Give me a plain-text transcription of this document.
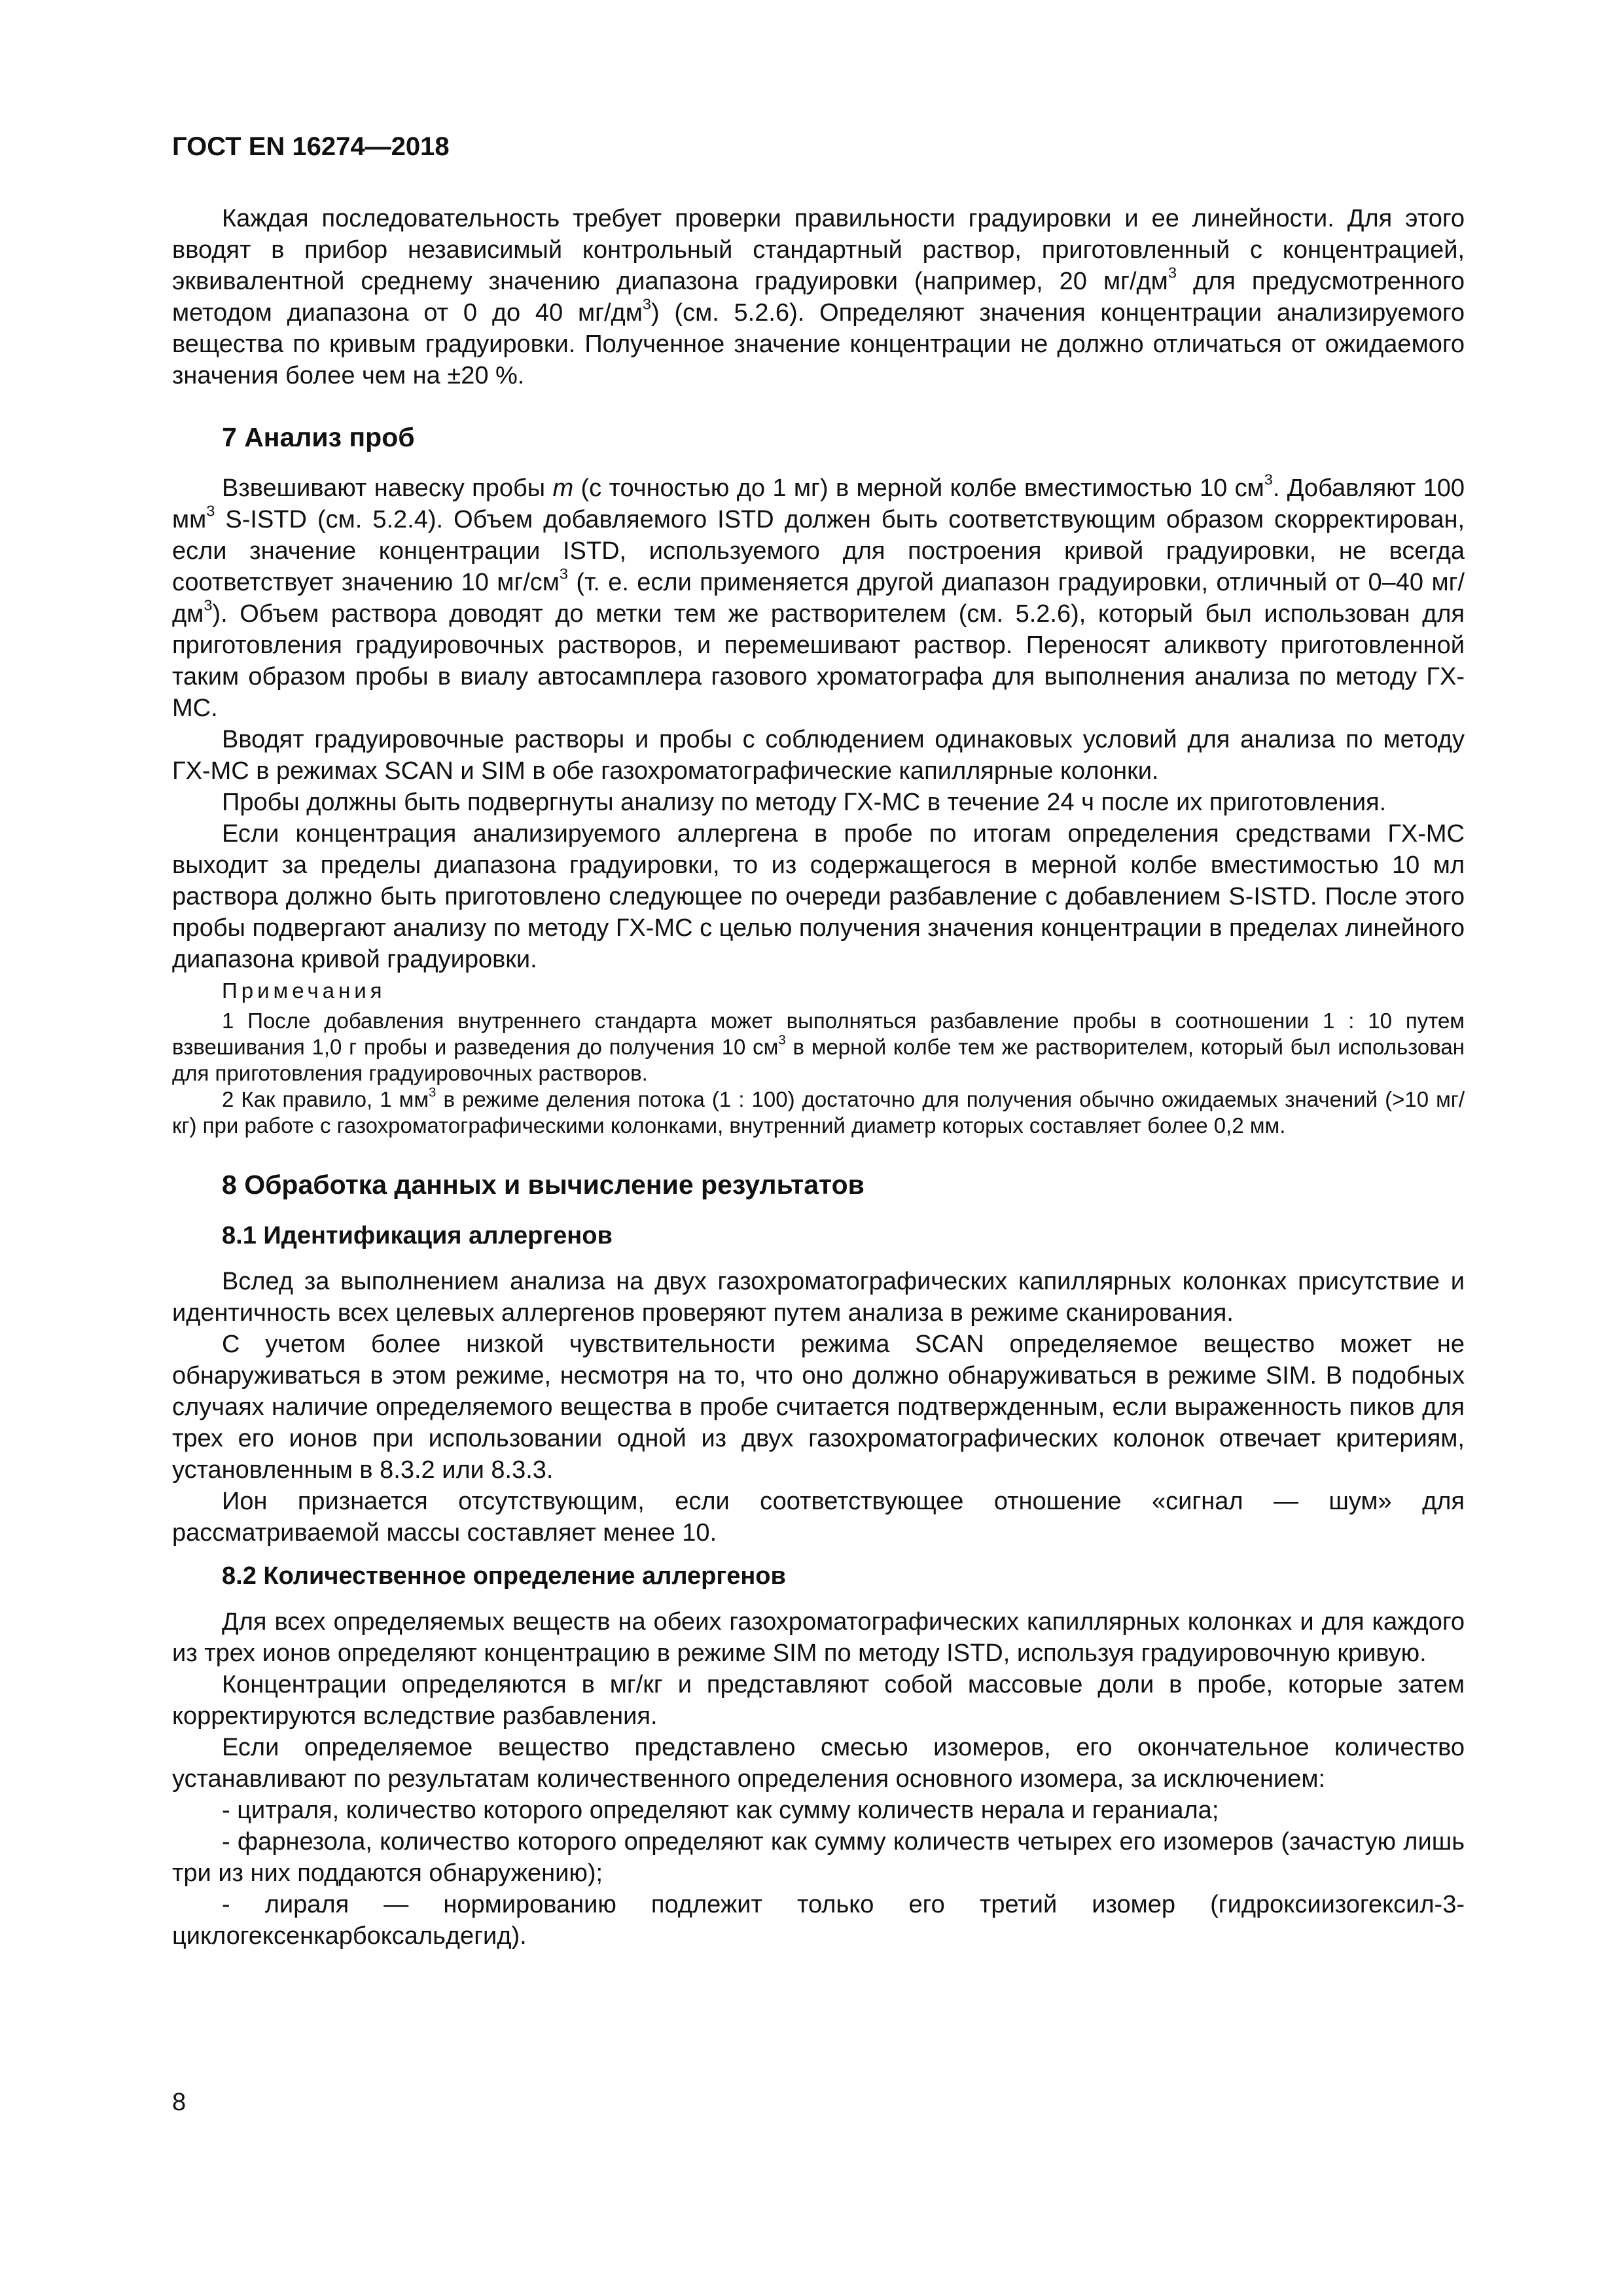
ГОСТ EN 16274—2018

Каждая последовательность требует проверки правильности градуировки и ее линейности. Для этого вводят в прибор независимый контрольный стандартный раствор, приготовленный с концентрацией, эквивалентной среднему значению диапазона градуировки (например, 20 $мг/дм^3$ для предусмотренного методом диапазона от 0 до 40 $мг/дм^3$) (см. 5.2.6). Определяют значения концентрации анализируемого вещества по кривым градуировки. Полученное значение концентрации не должно отличаться от ожидаемого значения более чем на ±20 %.

7 Анализ проб

Взвешивают навеску пробы m (с точностью до 1 мг) в мерной колбе вместимостью 10 $см^3$. Добавляют 100 $мм^3$ S-ISTD (см. 5.2.4). Объем добавляемого ISTD должен быть соответствующим образом скорректирован, если значение концентрации ISTD, используемого для построения кривой градуировки, не всегда соответствует значению 10 $мг/см^3$ (т. е. если применяется другой диапазон градуировки, отличный от 0–40 $мг/дм^3$). Объем раствора доводят до метки тем же растворителем (см. 5.2.6), который был использован для приготовления градуировочных растворов, и перемешивают раствор. Переносят аликвоту приготовленной таким образом пробы в виалу автосамплера газового хроматографа для выполнения анализа по методу ГХ-МС.

Вводят градуировочные растворы и пробы с соблюдением одинаковых условий для анализа по методу ГХ-МС в режимах SCAN и SIM в обе газохроматографические капиллярные колонки.

Пробы должны быть подвергнуты анализу по методу ГХ-МС в течение 24 ч после их приготовления.

Если концентрация анализируемого аллергена в пробе по итогам определения средствами ГХ-МС выходит за пределы диапазона градуировки, то из содержащегося в мерной колбе вместимостью 10 мл раствора должно быть приготовлено следующее по очереди разбавление с добавлением S-ISTD. После этого пробы подвергают анализу по методу ГХ-МС с целью получения значения концентрации в пределах линейного диапазона кривой градуировки.

Примечания
1 После добавления внутреннего стандарта может выполняться разбавление пробы в соотношении 1 : 10 путем взвешивания 1,0 г пробы и разведения до получения 10 $см^3$ в мерной колбе тем же растворителем, который был использован для приготовления градуировочных растворов.
2 Как правило, 1 $мм^3$ в режиме деления потока (1 : 100) достаточно для получения обычно ожидаемых значений (>10 мг/кг) при работе с газохроматографическими колонками, внутренний диаметр которых составляет более 0,2 мм.
8 Обработка данных и вычисление результатов
8.1 Идентификация аллергенов

Вслед за выполнением анализа на двух газохроматографических капиллярных колонках присутствие и идентичность всех целевых аллергенов проверяют путем анализа в режиме сканирования.

С учетом более низкой чувствительности режима SCAN определяемое вещество может не обнаруживаться в этом режиме, несмотря на то, что оно должно обнаруживаться в режиме SIM. В подобных случаях наличие определяемого вещества в пробе считается подтвержденным, если выраженность пиков для трех его ионов при использовании одной из двух газохроматографических колонок отвечает критериям, установленным в 8.3.2 или 8.3.3.

Ион признается отсутствующим, если соответствующее отношение «сигнал — шум» для рассматриваемой массы составляет менее 10.

8.2 Количественное определение аллергенов

Для всех определяемых веществ на обеих газохроматографических капиллярных колонках и для каждого из трех ионов определяют концентрацию в режиме SIM по методу ISTD, используя градуировочную кривую.

Концентрации определяются в мг/кг и представляют собой массовые доли в пробе, которые затем корректируются вследствие разбавления.

Если определяемое вещество представлено смесью изомеров, его окончательное количество устанавливают по результатам количественного определения основного изомера, за исключением:

- цитраля, количество которого определяют как сумму количеств нерала и гераниала;

- фарнезола, количество которого определяют как сумму количеств четырех его изомеров (зачастую лишь три из них поддаются обнаружению);

- лираля — нормированию подлежит только его третий изомер (гидроксиизогексил-3-циклогексенкарбоксальдегид).

8
